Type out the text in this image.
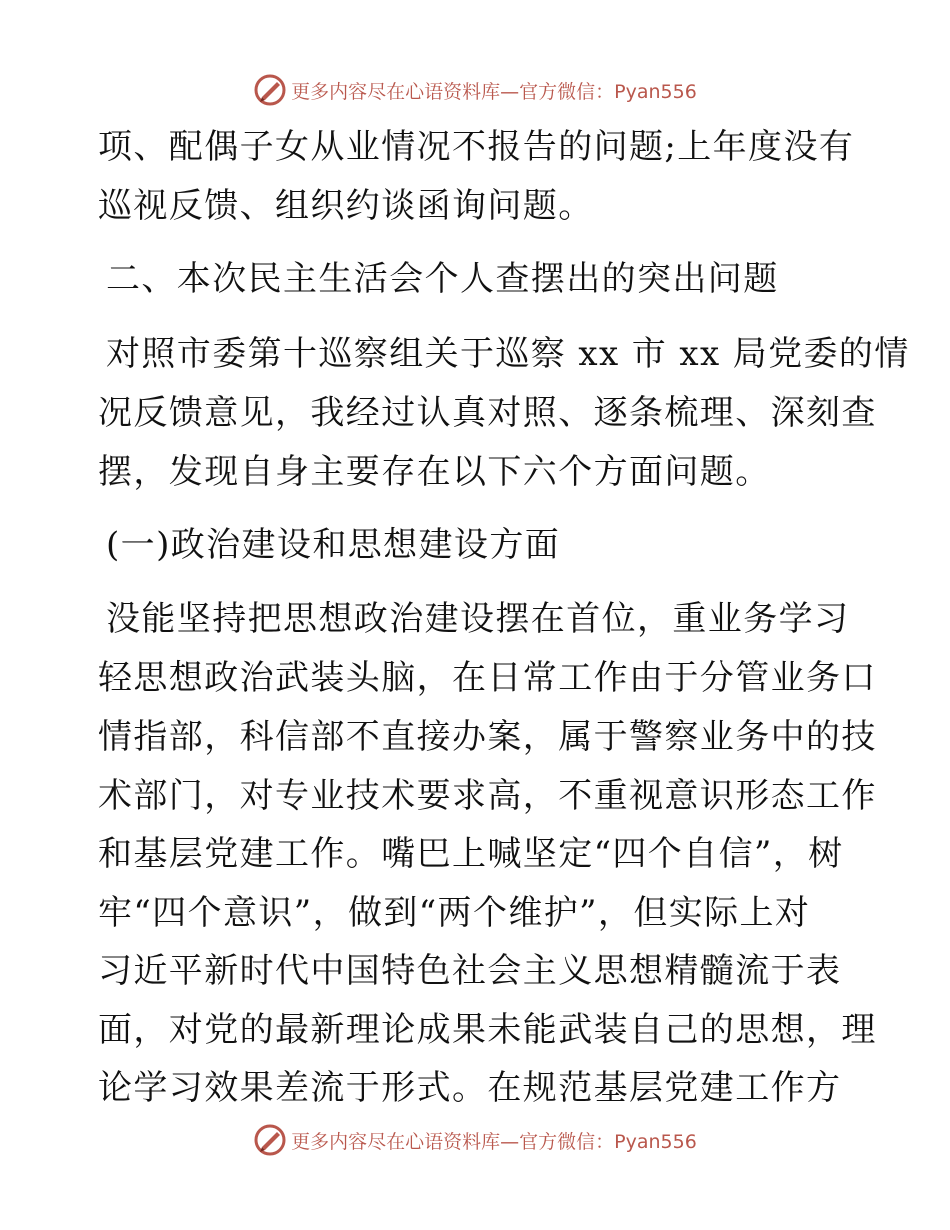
更多内容尽在心语资料库—官方微信：Pyan556
项、配偶子女从业情况不报告的问题;上年度没有
巡视反馈、组织约谈函询问题。
二、本次民主生活会个人查摆出的突出问题
对照市委第十巡察组关于巡察 xx 市 xx 局党委的情
况反馈意见，我经过认真对照、逐条梳理、深刻查
摆，发现自身主要存在以下六个方面问题。
(一)政治建设和思想建设方面
没能坚持把思想政治建设摆在首位，重业务学习
轻思想政治武装头脑，在日常工作由于分管业务口
情指部，科信部不直接办案，属于警察业务中的技
术部门，对专业技术要求高，不重视意识形态工作
和基层党建工作。嘴巴上喊坚定“四个自信”，树
牢“四个意识”，做到“两个维护”，但实际上对
习近平新时代中国特色社会主义思想精髓流于表
面，对党的最新理论成果未能武装自己的思想，理
论学习效果差流于形式。在规范基层党建工作方
更多内容尽在心语资料库—官方微信：Pyan556
